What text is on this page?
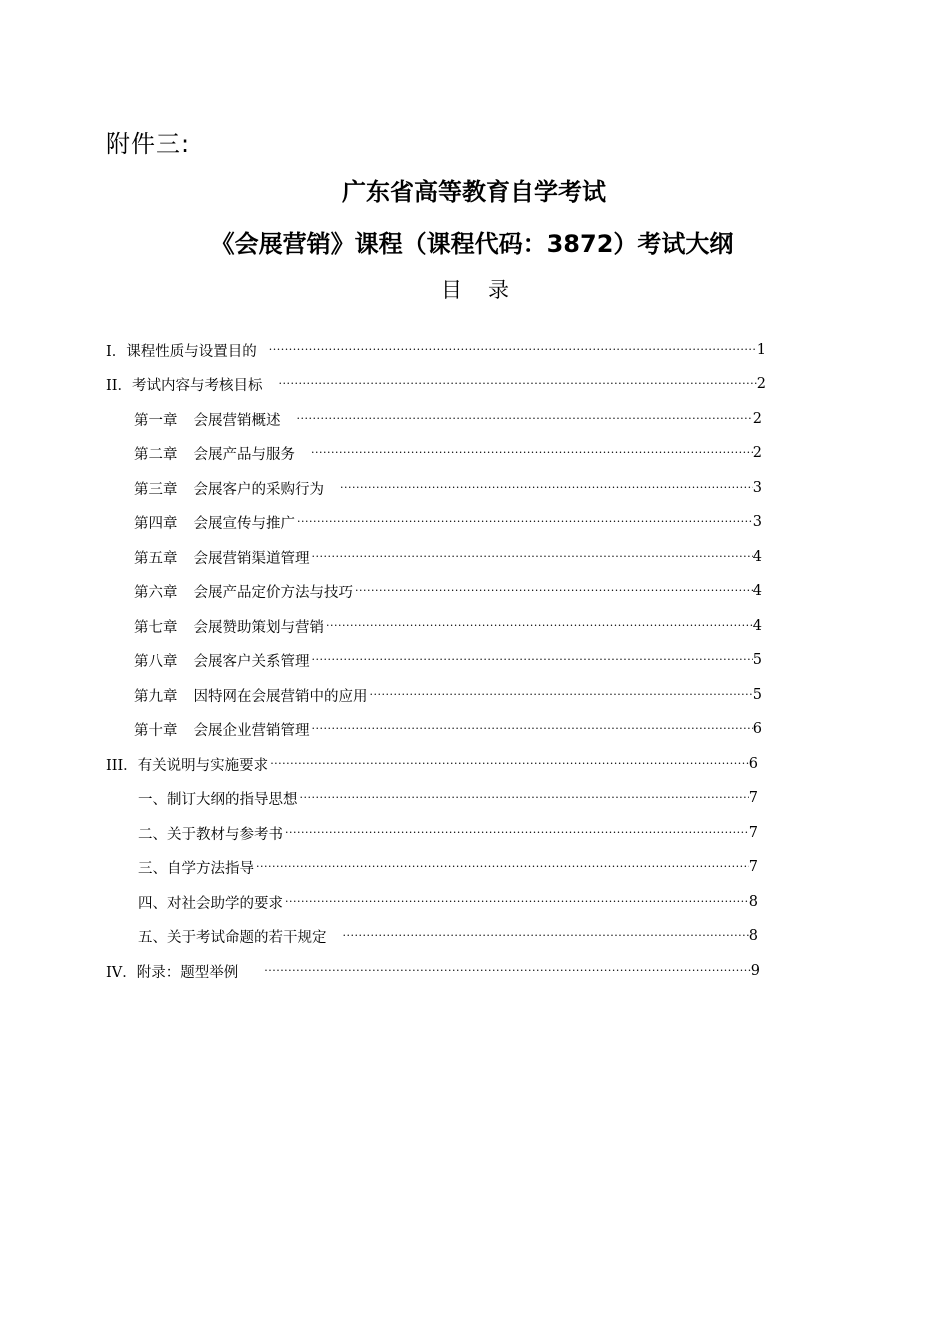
附件三:
广东省高等教育自学考试
《会展营销》课程（课程代码：3872）考试大纲
目录
I．课程性质与设置目的 ·····	1
II．考试内容与考核目标 ·····	2
第一章 会展营销概述 ·····	2
第二章 会展产品与服务 ·····	2
第三章 会展客户的采购行为 ·····	3
第四章 会展宣传与推广 ·····	3
第五章 会展营销渠道管理 ·····	4
第六章 会展产品定价方法与技巧 ·····	4
第七章 会展赞助策划与营销 ·····	4
第八章 会展客户关系管理 ·····	5
第九章 因特网在会展营销中的应用 ·····	5
第十章 会展企业营销管理 ·····	6
III．有关说明与实施要求 ·····	6
一、制订大纲的指导思想 ·····	7
二、关于教材与参考书 ·····	7
三、自学方法指导 ·····	7
四、对社会助学的要求 ·····	8
五、关于考试命题的若干规定 ·····	8
IV．附录：题型举例 ·····	9
